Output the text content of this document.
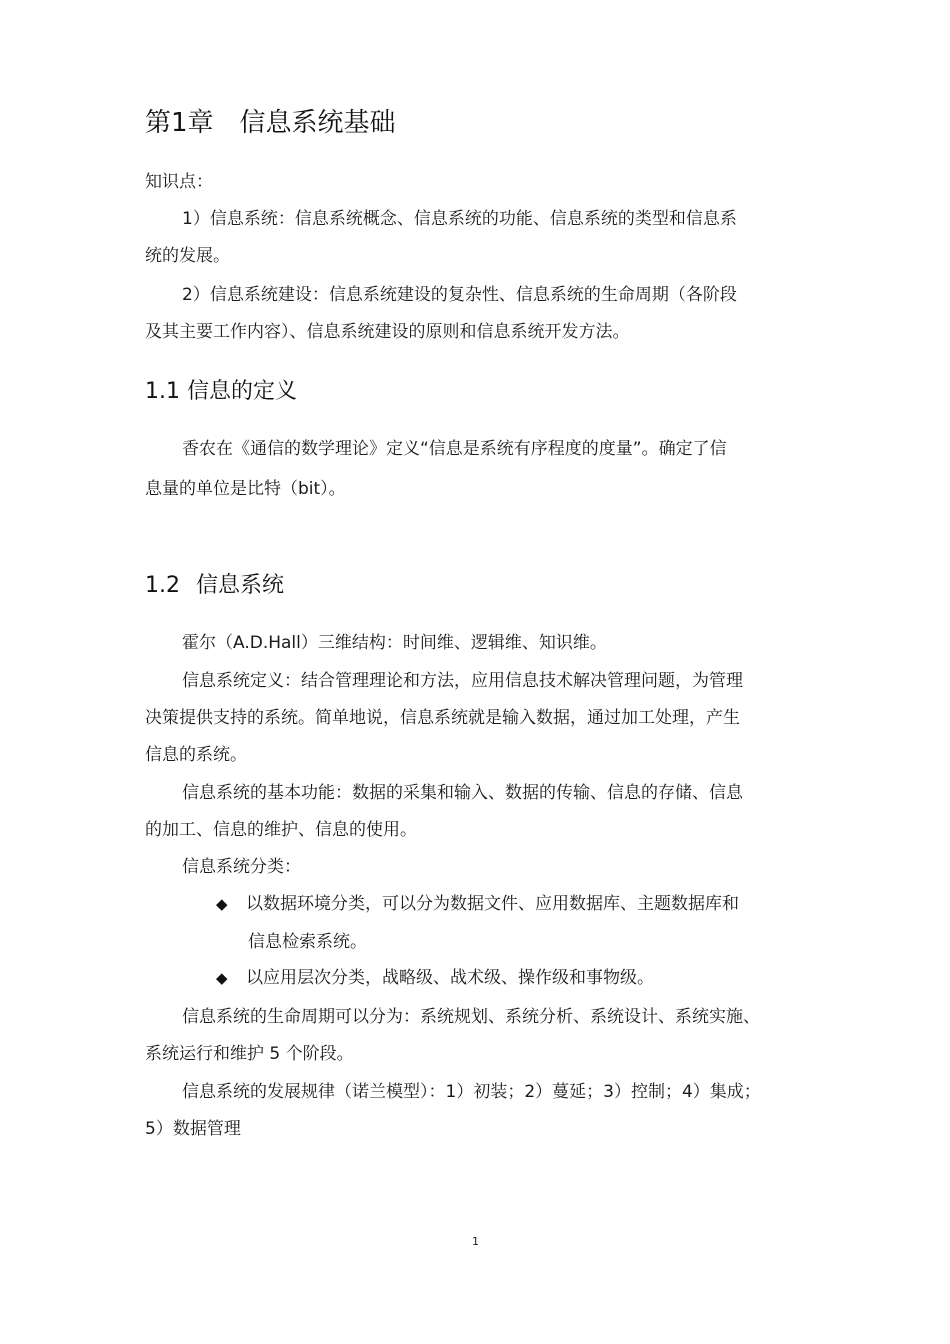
第1章 信息系统基础
知识点：
1）信息系统：信息系统概念、信息系统的功能、信息系统的类型和信息系
统的发展。
2）信息系统建设：信息系统建设的复杂性、信息系统的生命周期（各阶段
及其主要工作内容）、信息系统建设的原则和信息系统开发方法。
1.1 信息的定义
香农在《通信的数学理论》定义“信息是系统有序程度的度量”。确定了信
息量的单位是比特（bit）。
1.2 信息系统
霍尔（A.D.Hall）三维结构：时间维、逻辑维、知识维。
信息系统定义：结合管理理论和方法，应用信息技术解决管理问题，为管理
决策提供支持的系统。简单地说，信息系统就是输入数据，通过加工处理，产生
信息的系统。
信息系统的基本功能：数据的采集和输入、数据的传输、信息的存储、信息
的加工、信息的维护、信息的使用。
信息系统分类：
◆ 以数据环境分类，可以分为数据文件、应用数据库、主题数据库和
信息检索系统。
◆ 以应用层次分类，战略级、战术级、操作级和事物级。
信息系统的生命周期可以分为：系统规划、系统分析、系统设计、系统实施、
系统运行和维护 5 个阶段。
信息系统的发展规律（诺兰模型）：1）初装；2）蔓延；3）控制；4）集成；
5）数据管理
1
